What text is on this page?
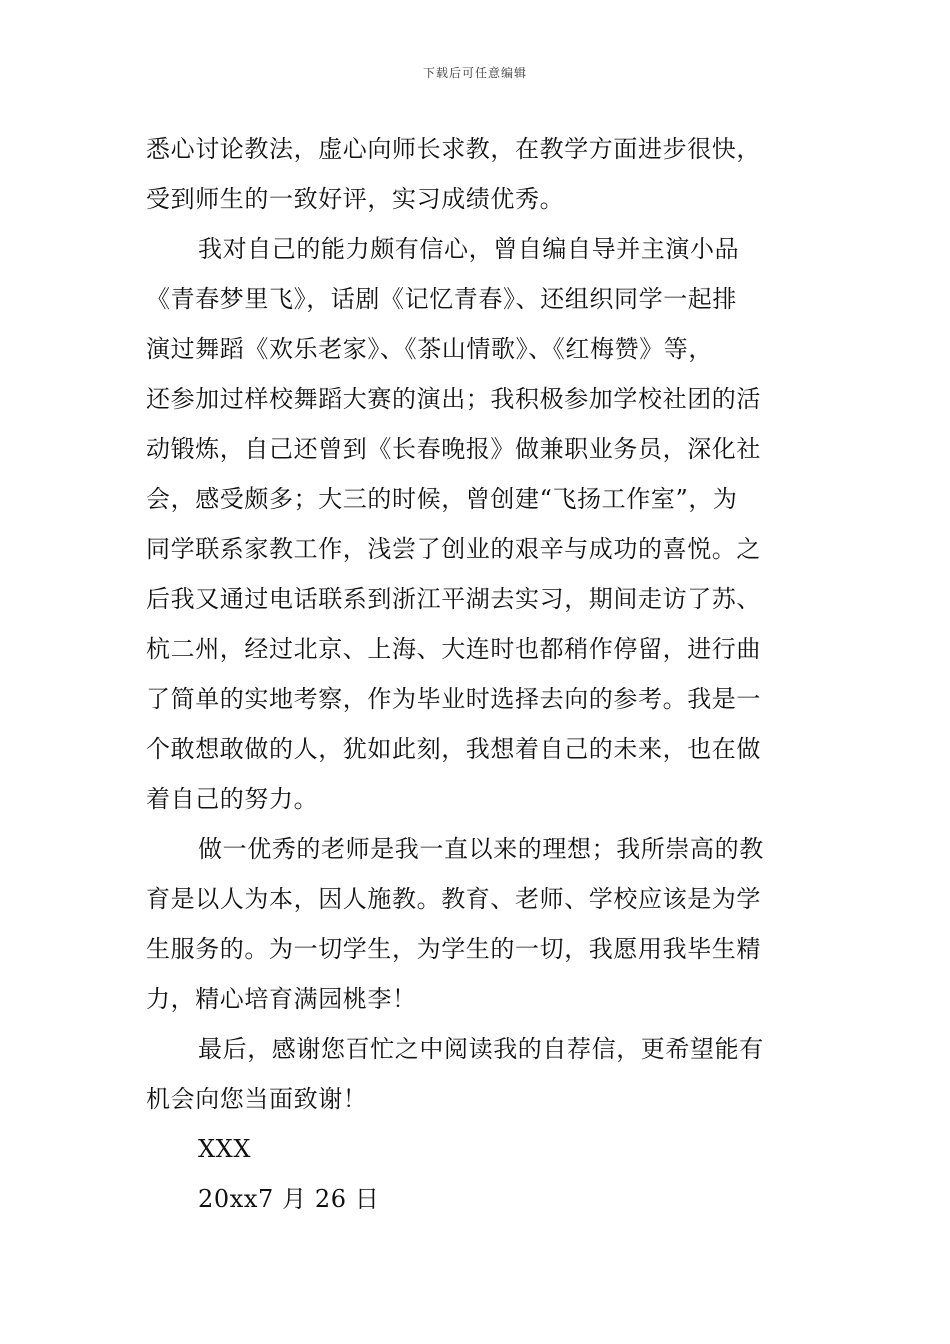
下载后可任意编辑
悉心讨论教法，虚心向师长求教，在教学方面进步很快，
受到师生的一致好评，实习成绩优秀。
我对自己的能力颇有信心，曾自编自导并主演小品
《青春梦里飞》，话剧《记忆青春》、还组织同学一起排
演过舞蹈《欢乐老家》、《茶山情歌》、《红梅赞》等，
还参加过样校舞蹈大赛的演出；我积极参加学校社团的活
动锻炼，自己还曾到《长春晚报》做兼职业务员，深化社
会，感受颇多；大三的时候，曾创建“飞扬工作室”，为
同学联系家教工作，浅尝了创业的艰辛与成功的喜悦。之
后我又通过电话联系到浙江平湖去实习，期间走访了苏、
杭二州，经过北京、上海、大连时也都稍作停留，进行曲
了简单的实地考察，作为毕业时选择去向的参考。我是一
个敢想敢做的人，犹如此刻，我想着自己的未来，也在做
着自己的努力。
做一优秀的老师是我一直以来的理想；我所崇高的教
育是以人为本，因人施教。教育、老师、学校应该是为学
生服务的。为一切学生，为学生的一切，我愿用我毕生精
力，精心培育满园桃李！
最后，感谢您百忙之中阅读我的自荐信，更希望能有
机会向您当面致谢！
XXX
20xx7 月 26 日
